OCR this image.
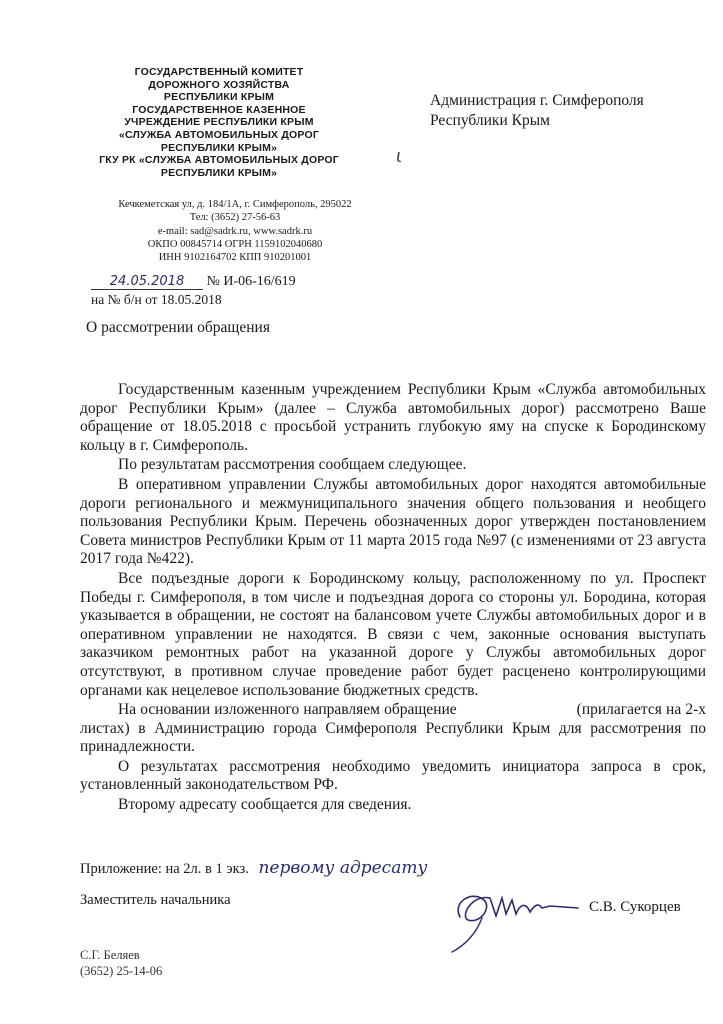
ГОСУДАРСТВЕННЫЙ КОМИТЕТ
ДОРОЖНОГО ХОЗЯЙСТВА
РЕСПУБЛИКИ КРЫМ
ГОСУДАРСТВЕННОЕ КАЗЕННОЕ
УЧРЕЖДЕНИЕ РЕСПУБЛИКИ КРЫМ
«СЛУЖБА АВТОМОБИЛЬНЫХ ДОРОГ
РЕСПУБЛИКИ КРЫМ»
ГКУ РК «СЛУЖБА АВТОМОБИЛЬНЫХ ДОРОГ
РЕСПУБЛИКИ КРЫМ»
Кечкеметская ул, д. 184/1А, г. Симферополь, 295022
Тел: (3652) 27-56-63
e-mail: sad@sadrk.ru, www.sadrk.ru
ОКПО 00845714 ОГРН 1159102040680
ИНН 9102164702 КПП 910201001
Администрация г. Симферополя
Республики Крым
ι
24.05.2018 № И-06-16/619
на № б/н от 18.05.2018
О рассмотрении обращения

Государственным казенным учреждением Республики Крым «Служба автомобильных дорог Республики Крым» (далее – Служба автомобильных дорог) рассмотрено Ваше обращение от 18.05.2018 с просьбой устранить глубокую яму на спуске к Бородинскому кольцу в г. Симферополь.

По результатам рассмотрения сообщаем следующее.

В оперативном управлении Службы автомобильных дорог находятся автомобильные дороги регионального и межмуниципального значения общего пользования и необщего пользования Республики Крым. Перечень обозначенных дорог утвержден постановлением Совета министров Республики Крым от 11 марта 2015 года №97 (с изменениями от 23 августа 2017 года №422).

Все подъездные дороги к Бородинскому кольцу, расположенному по ул. Проспект Победы г. Симферополя, в том числе и подъездная дорога со стороны ул. Бородина, которая указывается в обращении, не состоят на балансовом учете Службы автомобильных дорог и в оперативном управлении не находятся. В связи с чем, законные основания выступать заказчиком ремонтных работ на указанной дороге у Службы автомобильных дорог отсутствуют, в противном случае проведение работ будет расценено контролирующими органами как нецелевое использование бюджетных средств.

На основании изложенного направляем обращение	(прилагается на 2-х листах) в Администрацию города Симферополя Республики Крым для рассмотрения по принадлежности.

О результатах рассмотрения необходимо уведомить инициатора запроса в срок, установленный законодательством РФ.

Второму адресату сообщается для сведения.

Приложение: на 2л. в 1 экз. первому адресату
Заместитель начальника	С.В. Сукорцев
С.Г. Беляев
(3652) 25-14-06
